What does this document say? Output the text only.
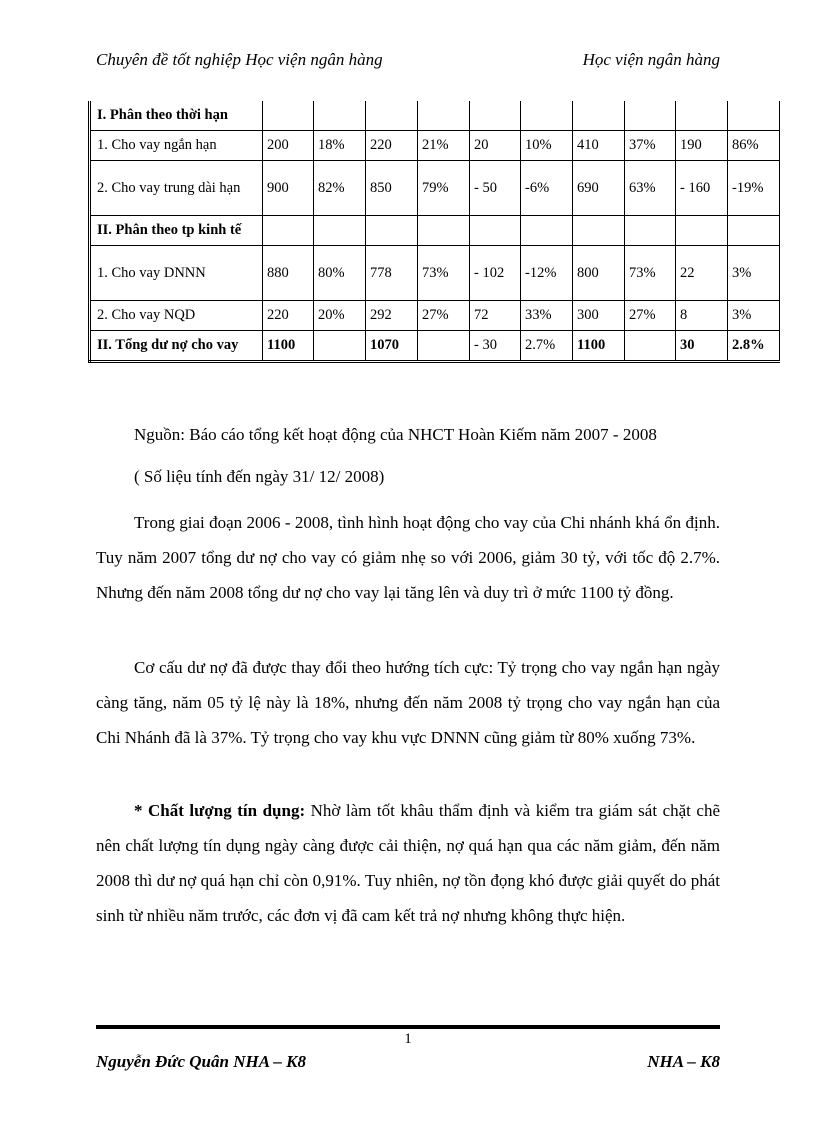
Chuyên đề tốt nghiệp Học viện ngân hàng	Học viện ngân hàng
I. Phân theo thời hạn										
1. Cho vay ngắn hạn	200	18%	220	21%	20	10%	410	37%	190	86%
2. Cho vay trung dài hạn	900	82%	850	79%	- 50	-6%	690	63%	- 160	-19%
II. Phân theo tp kinh tế										
1. Cho vay DNNN	880	80%	778	73%	- 102	-12%	800	73%	22	3%
2. Cho vay NQD	220	20%	292	27%	72	33%	300	27%	8	3%
II. Tổng dư nợ cho vay	1100		1070		- 30	2.7%	1100		30	2.8%
Nguồn: Báo cáo tổng kết hoạt động của NHCT Hoàn Kiếm năm 2007 - 2008
( Số liệu tính đến ngày 31/ 12/ 2008)

Trong giai đoạn 2006 - 2008, tình hình hoạt động cho vay của Chi nhánh khá ổn định. Tuy năm 2007 tổng dư nợ cho vay có giảm nhẹ so với 2006, giảm 30 tỷ, với tốc độ 2.7%. Nhưng đến năm 2008 tổng dư nợ cho vay lại tăng lên và duy trì ở mức 1100 tỷ đồng.

Cơ cấu dư nợ đã được thay đổi theo hướng tích cực: Tỷ trọng cho vay ngắn hạn ngày càng tăng, năm 05 tỷ lệ này là 18%, nhưng đến năm 2008 tỷ trọng cho vay ngắn hạn của Chi Nhánh đã là 37%. Tỷ trọng cho vay khu vực DNNN cũng giảm từ 80% xuống 73%.

* Chất lượng tín dụng: Nhờ làm tốt khâu thẩm định và kiểm tra giám sát chặt chẽ nên chất lượng tín dụng ngày càng được cải thiện, nợ quá hạn qua các năm giảm, đến năm 2008 thì dư nợ quá hạn chỉ còn 0,91%. Tuy nhiên, nợ tồn đọng khó được giải quyết do phát sinh từ nhiều năm trước, các đơn vị đã cam kết trả nợ nhưng không thực hiện.

1
Nguyễn Đức Quân NHA – K8	NHA – K8
